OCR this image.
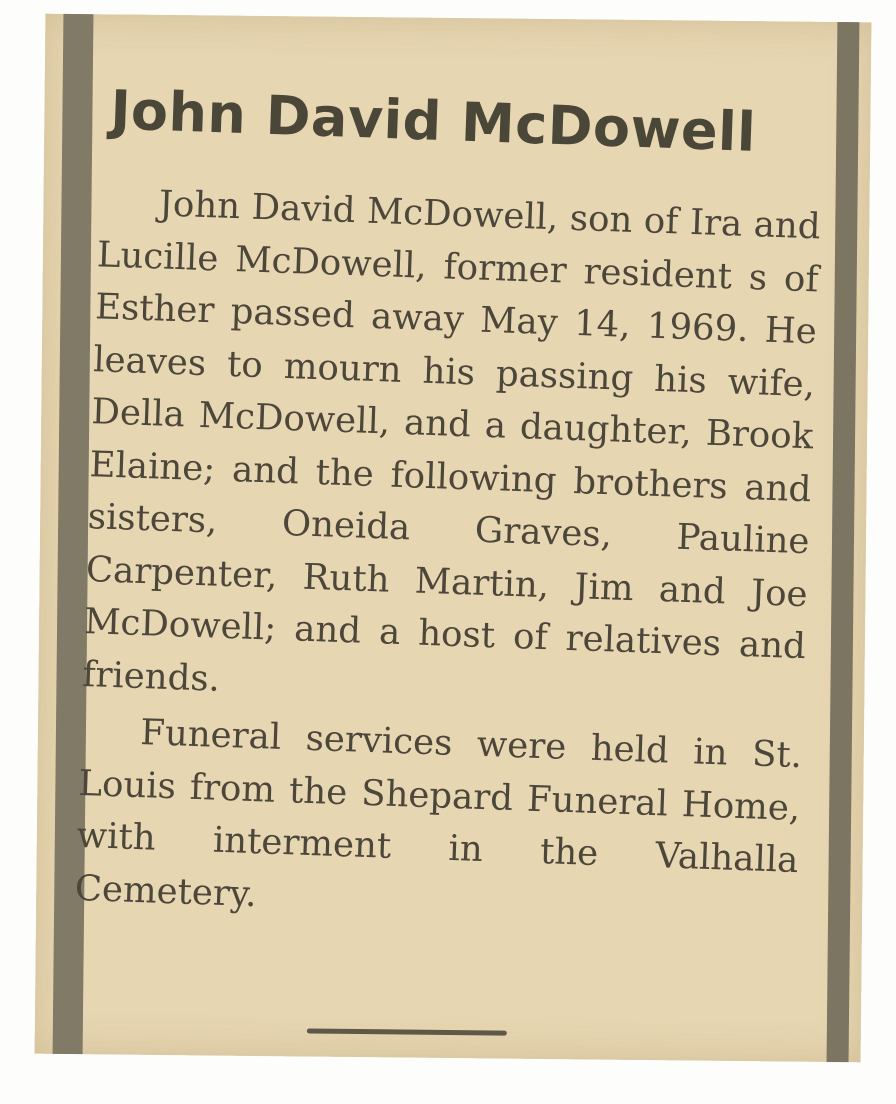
John David McDowell

John David McDowell, son of Ira and Lucille McDowell, former resident s of Esther passed away May 14, 1969. He leaves to mourn his passing his wife, Della McDowell, and a daughter, Brook Elaine; and the following brothers and sisters, Oneida Graves, Pauline Carpenter, Ruth Martin, Jim and Joe McDowell; and a host of relatives and friends.

Funeral services were held in St. Louis from the Shepard Funeral Home, with interment in the Valhalla Cemetery.
